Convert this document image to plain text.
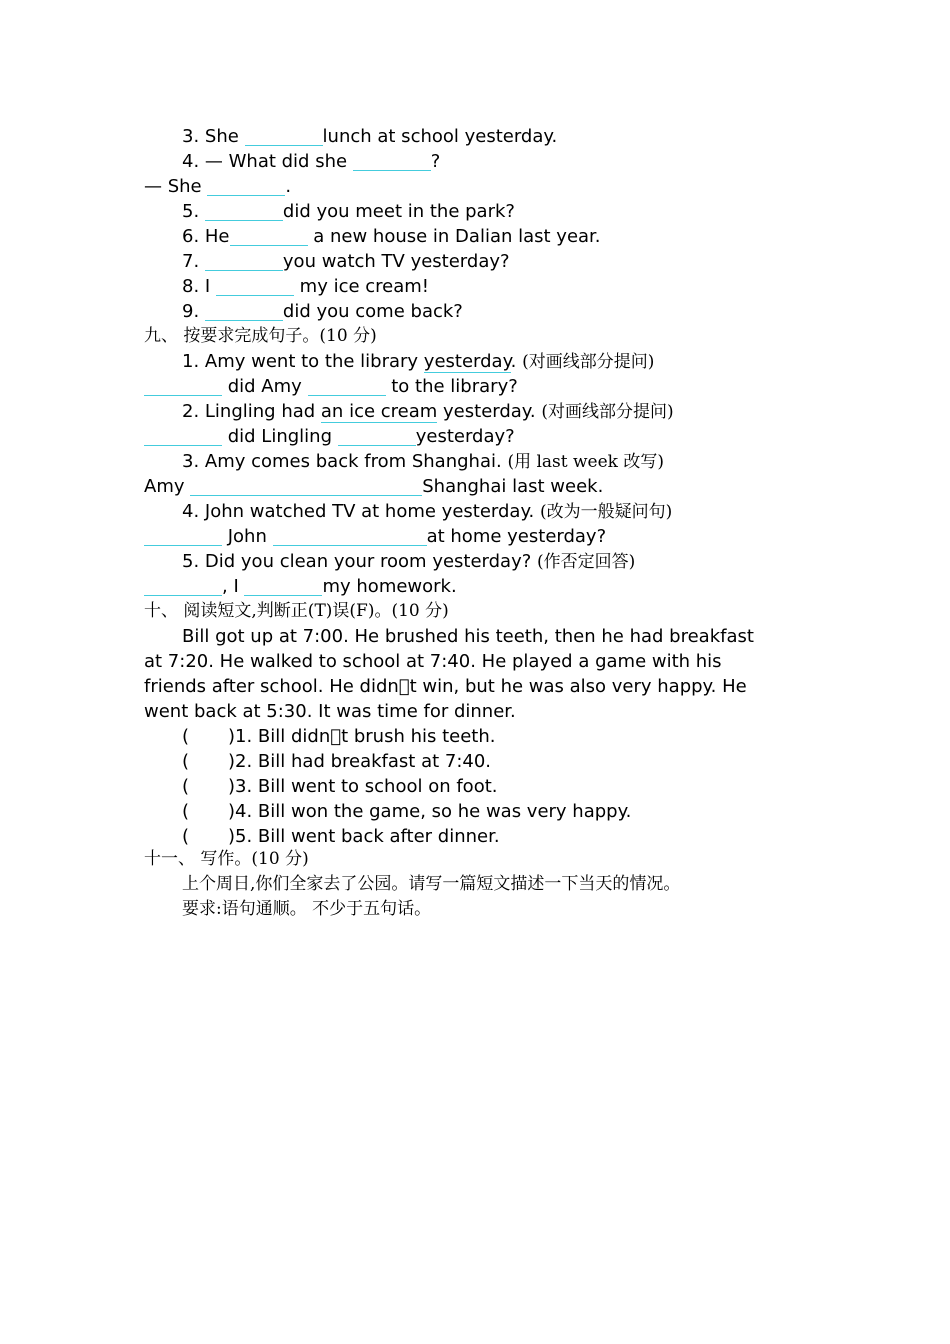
3. She	lunch at school yesterday.
4. — What did she	?
— She	.
5.	did you meet in the park?
6. He	a new house in Dalian last year.
7.	you watch TV yesterday?
8. I	my ice cream!
9.	did you come back?
九、 按要求完成句子。(10 分)
1. Amy went to the library yesterday. (对画线部分提问)
did Amy	to the library?
2. Lingling had an ice cream yesterday. (对画线部分提问)
did Lingling	yesterday?
3. Amy comes back from Shanghai. (用 last week 改写)
Amy	Shanghai last week.
4. John watched TV at home yesterday. (改为一般疑问句)
John	at home yesterday?
5. Did you clean your room yesterday? (作否定回答)
, I	my homework.
十、 阅读短文,判断正(T)误(F)。(10 分)
Bill got up at 7:00. He brushed his teeth, then he had breakfast
at 7:20. He walked to school at 7:40. He played a game with his
friends after school. He didn t win, but he was also very happy. He
went back at 5:30. It was time for dinner.
( )1. Bill didn t brush his teeth.
( )2. Bill had breakfast at 7:40.
( )3. Bill went to school on foot.
( )4. Bill won the game, so he was very happy.
( )5. Bill went back after dinner.
十一、 写作。(10 分)
上个周日,你们全家去了公园。请写一篇短文描述一下当天的情况。
要求:语句通顺。 不少于五句话。
